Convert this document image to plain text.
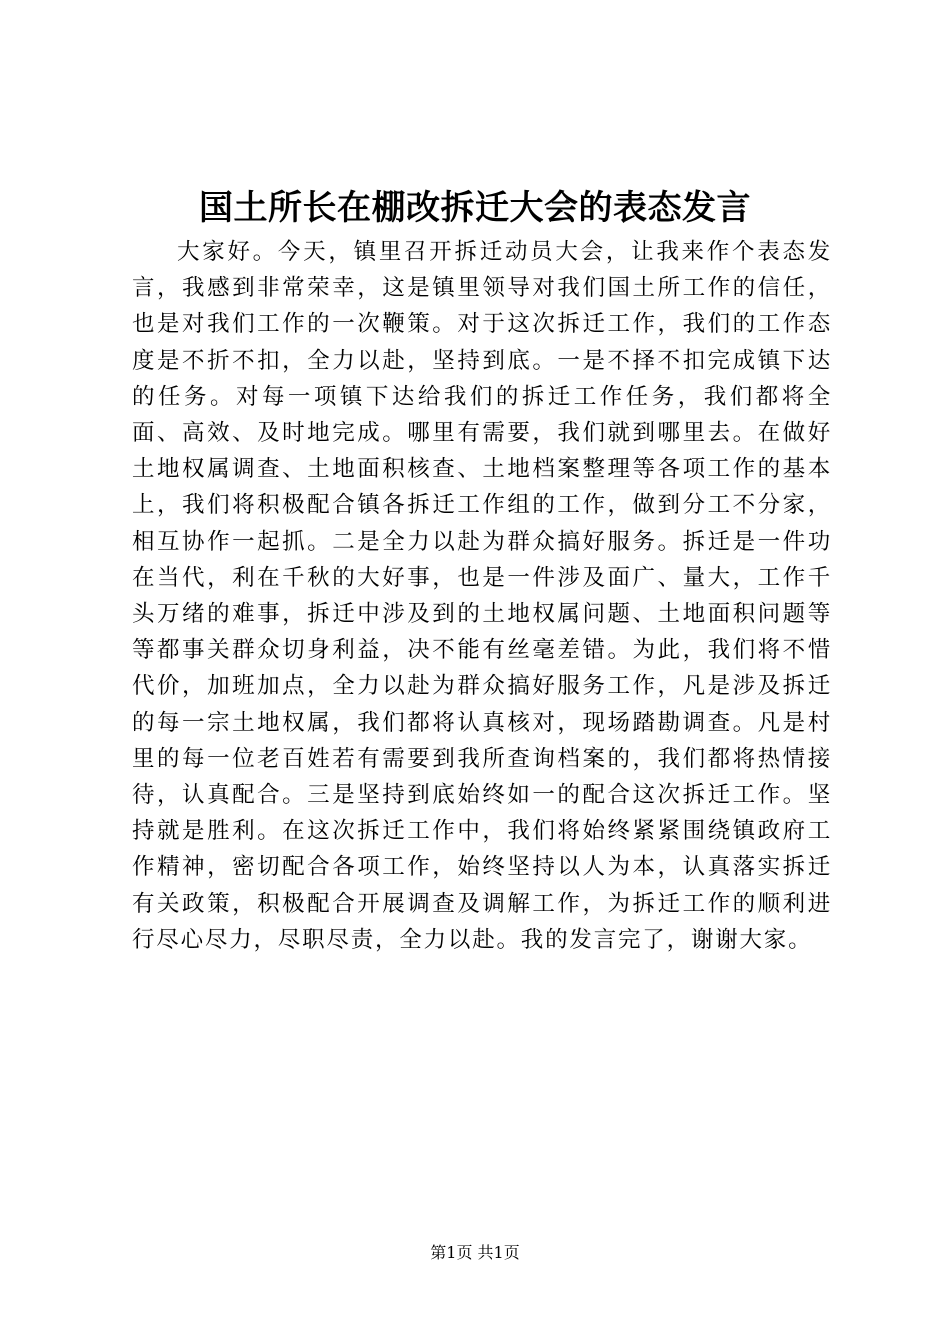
国土所长在棚改拆迁大会的表态发言

大家好。今天，镇里召开拆迁动员大会，让我来作个表态发言，我感到非常荣幸，这是镇里领导对我们国土所工作的信任，也是对我们工作的一次鞭策。对于这次拆迁工作，我们的工作态度是不折不扣，全力以赴，坚持到底。一是不择不扣完成镇下达的任务。对每一项镇下达给我们的拆迁工作任务，我们都将全面、高效、及时地完成。哪里有需要，我们就到哪里去。在做好土地权属调查、土地面积核查、土地档案整理等各项工作的基本上，我们将积极配合镇各拆迁工作组的工作，做到分工不分家，相互协作一起抓。二是全力以赴为群众搞好服务。拆迁是一件功在当代，利在千秋的大好事，也是一件涉及面广、量大，工作千头万绪的难事，拆迁中涉及到的土地权属问题、土地面积问题等等都事关群众切身利益，决不能有丝毫差错。为此，我们将不惜代价，加班加点，全力以赴为群众搞好服务工作，凡是涉及拆迁的每一宗土地权属，我们都将认真核对，现场踏勘调查。凡是村里的每一位老百姓若有需要到我所查询档案的，我们都将热情接待，认真配合。三是坚持到底始终如一的配合这次拆迁工作。坚持就是胜利。在这次拆迁工作中，我们将始终紧紧围绕镇政府工作精神，密切配合各项工作，始终坚持以人为本，认真落实拆迁有关政策，积极配合开展调查及调解工作，为拆迁工作的顺利进行尽心尽力，尽职尽责，全力以赴。我的发言完了，谢谢大家。

第1页 共1页
